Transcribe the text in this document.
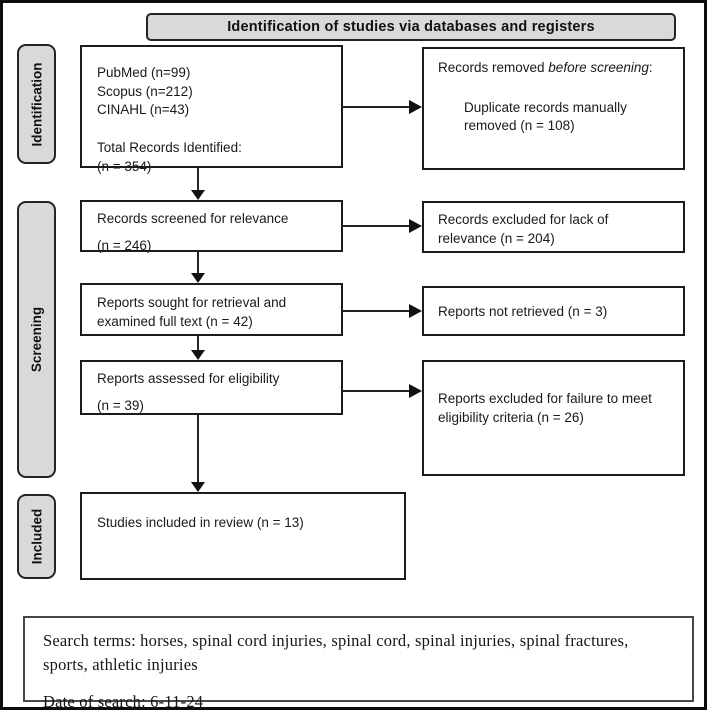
Identification of studies via databases and registers
Identification
Screening
Included
PubMed (n=99)
Scopus (n=212)
CINAHL (n=43)
Total Records Identified:
(n = 354)
Records removed before screening:
Duplicate records manually removed (n = 108)
Records screened for relevance
(n = 246)
Records excluded for lack of relevance (n = 204)
Reports sought for retrieval and examined full text (n = 42)
Reports not retrieved (n = 3)
Reports assessed for eligibility
(n = 39)	Reports excluded for failure to meet eligibility criteria (n = 26)
Studies included in review (n = 13)
Search terms: horses, spinal cord injuries, spinal cord, spinal injuries, spinal fractures, sports, athletic injuries
Date of search: 6-11-24
